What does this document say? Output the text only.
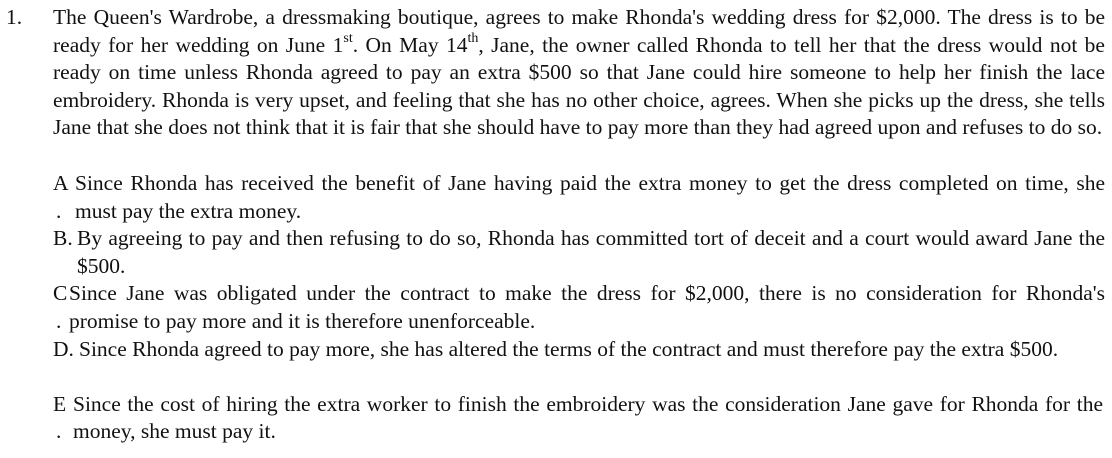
1. The Queen's Wardrobe, a dressmaking boutique, agrees to make Rhonda's wedding dress for $2,000. The dress is to be ready for her wedding on June 1st. On May 14th, Jane, the owner called Rhonda to tell her that the dress would not be ready on time unless Rhonda agreed to pay an extra $500 so that Jane could hire someone to help her finish the lace embroidery. Rhonda is very upset, and feeling that she has no other choice, agrees. When she picks up the dress, she tells Jane that she does not think that it is fair that she should have to pay more than they had agreed upon and refuses to do so.
A
.
Since Rhonda has received the benefit of Jane having paid the extra money to get the dress completed on time, she must pay the extra money.
B. By agreeing to pay and then refusing to do so, Rhonda has committed tort of deceit and a court would award Jane the $500.
C
.
Since Jane was obligated under the contract to make the dress for $2,000, there is no consideration for Rhonda's promise to pay more and it is therefore unenforceable.
D. Since Rhonda agreed to pay more, she has altered the terms of the contract and must therefore pay the extra $500.
E
.
Since the cost of hiring the extra worker to finish the embroidery was the consideration Jane gave for Rhonda for the money, she must pay it.
